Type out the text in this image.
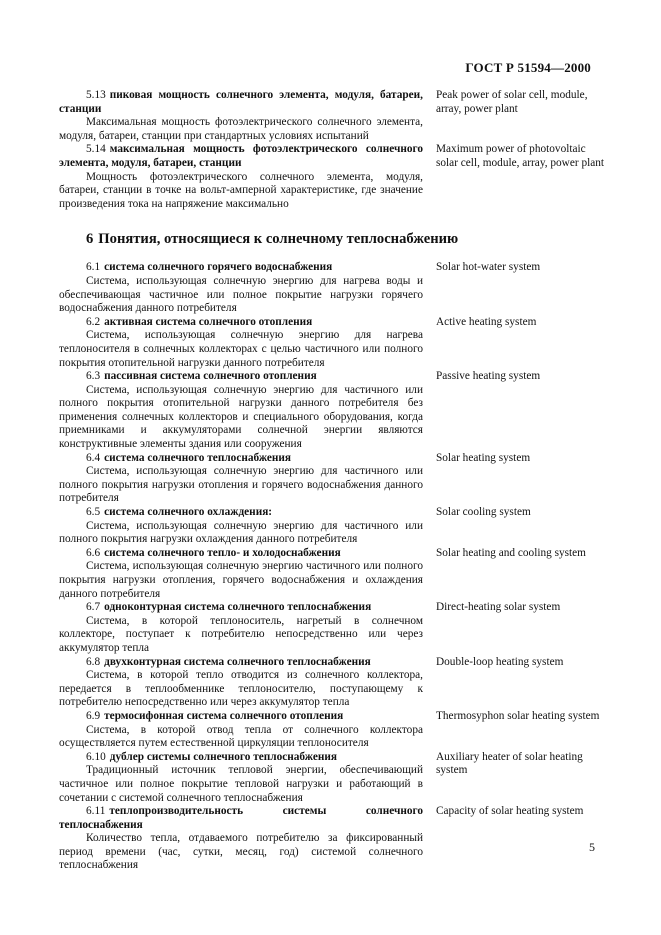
ГОСТ Р 51594—2000
5.13 пиковая мощность солнечного элемента, модуля, батареи, станции
Максимальная мощность фотоэлектрического солнечного элемента, модуля, батареи, станции при стандартных условиях испытаний
Peak power of solar cell, module, array, power plant
5.14 максимальная мощность фотоэлектрического солнечного элемента, модуля, батареи, станции
Мощность фотоэлектрического солнечного элемента, модуля, батареи, станции в точке на вольт-амперной характеристике, где значение произведения тока на напряжение максимально
Maximum power of photovoltaic solar cell, module, array, power plant
6 Понятия, относящиеся к солнечному теплоснабжению
6.1 система солнечного горячего водоснабжения
Система, использующая солнечную энергию для нагрева воды и обеспечивающая частичное или полное покрытие нагрузки горячего водоснабжения данного потребителя
Solar hot-water system
6.2 активная система солнечного отопления
Система, использующая солнечную энергию для нагрева теплоносителя в солнечных коллекторах с целью частичного или полного покрытия отопительной нагрузки данного потребителя
Active heating system
6.3 пассивная система солнечного отопления
Система, использующая солнечную энергию для частичного или полного покрытия отопительной нагрузки данного потребителя без применения солнечных коллекторов и специального оборудования, когда приемниками и аккумуляторами солнечной энергии являются конструктивные элементы здания или сооружения
Passive heating system
6.4 система солнечного теплоснабжения
Система, использующая солнечную энергию для частичного или полного покрытия нагрузки отопления и горячего водоснабжения данного потребителя
Solar heating system
6.5 система солнечного охлаждения:
Система, использующая солнечную энергию для частичного или полного покрытия нагрузки охлаждения данного потребителя
Solar cooling system
6.6 система солнечного тепло- и холодоснабжения
Система, использующая солнечную энергию частичного или полного покрытия нагрузки отопления, горячего водоснабжения и охлаждения данного потребителя
Solar heating and cooling system
6.7 одноконтурная система солнечного теплоснабжения
Система, в которой теплоноситель, нагретый в солнечном коллекторе, поступает к потребителю непосредственно или через аккумулятор тепла
Direct-heating solar system
6.8 двухконтурная система солнечного теплоснабжения
Система, в которой тепло отводится из солнечного коллектора, передается в теплообменнике теплоносителю, поступающему к потребителю непосредственно или через аккумулятор тепла
Double-loop heating system
6.9 термосифонная система солнечного отопления
Система, в которой отвод тепла от солнечного коллектора осуществляется путем естественной циркуляции теплоносителя
Thermosyphon solar heating system
6.10 дублер системы солнечного теплоснабжения
Традиционный источник тепловой энергии, обеспечивающий частичное или полное покрытие тепловой нагрузки и работающий в сочетании с системой солнечного теплоснабжения
Auxiliary heater of solar heating system
6.11 теплопроизводительность системы солнечного теплоснабжения
Количество тепла, отдаваемого потребителю за фиксированный период времени (час, сутки, месяц, год) системой солнечного теплоснабжения
Capacity of solar heating system
5
